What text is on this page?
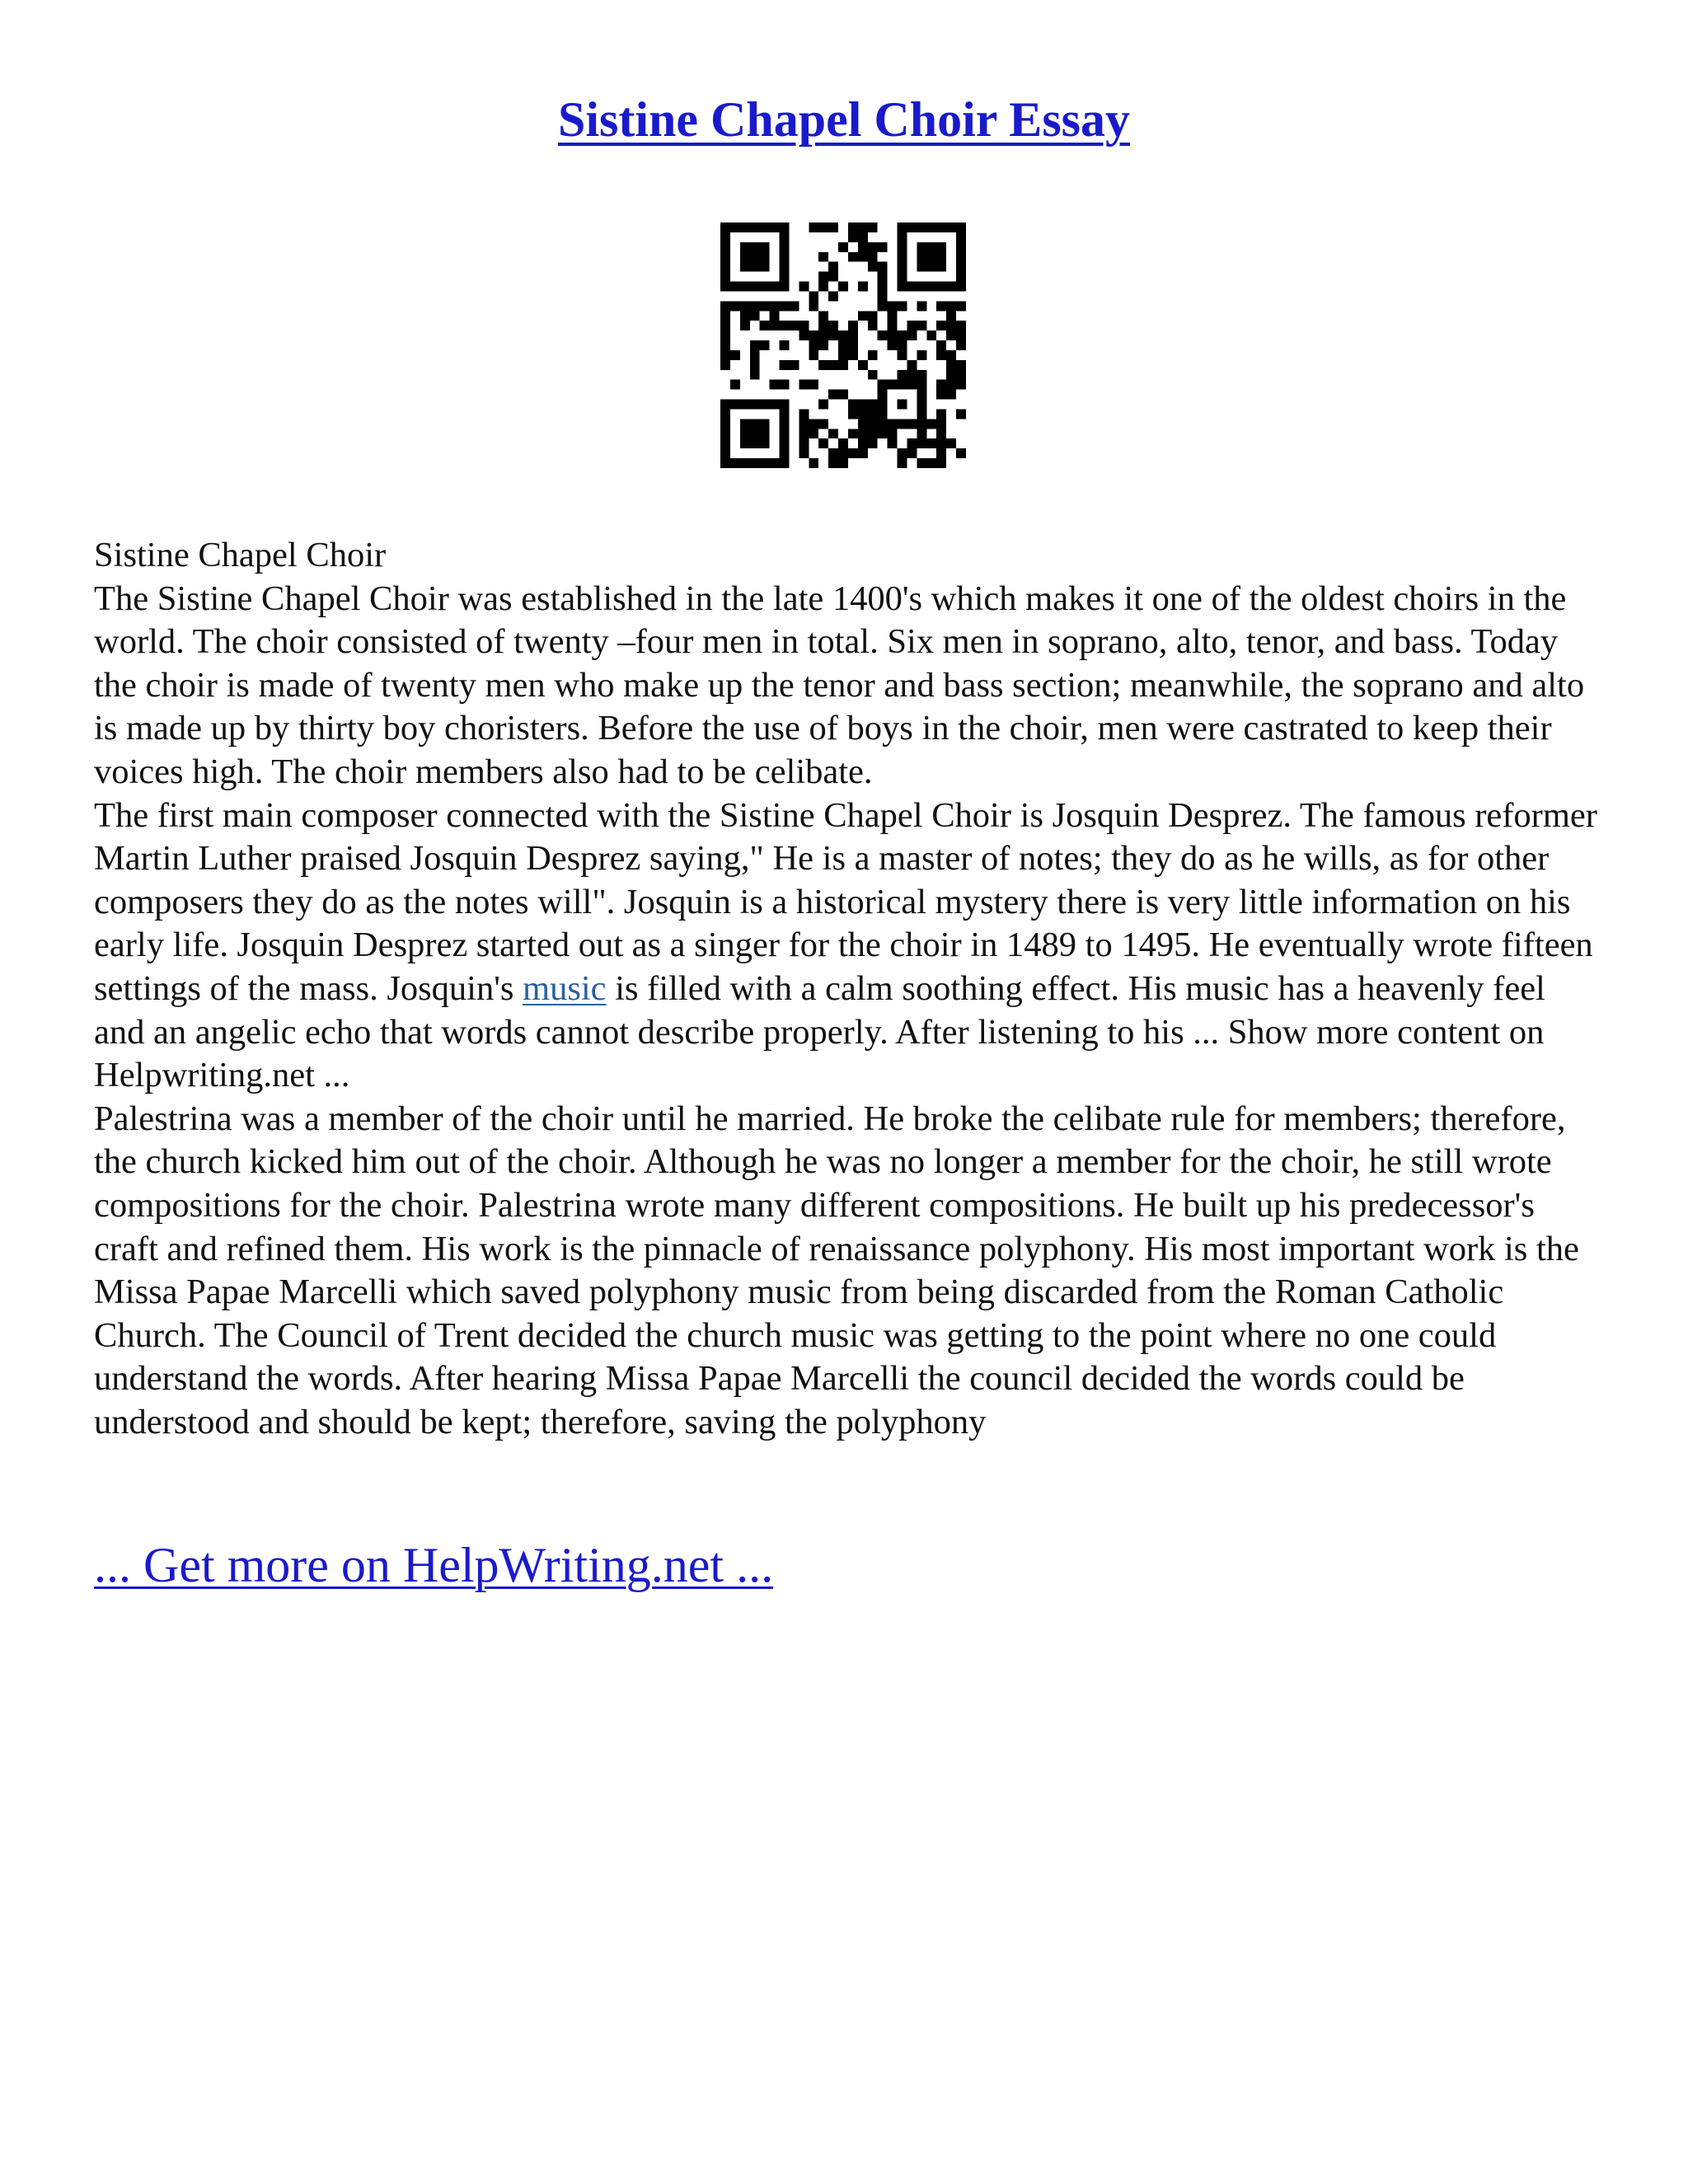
Sistine Chapel Choir Essay

Sistine Chapel Choir

The Sistine Chapel Choir was established in the late 1400's which makes it one of the oldest choirs in the world. The choir consisted of twenty –four men in total. Six men in soprano, alto, tenor, and bass. Today the choir is made of twenty men who make up the tenor and bass section; meanwhile, the soprano and alto is made up by thirty boy choristers. Before the use of boys in the choir, men were castrated to keep their voices high. The choir members also had to be celibate.

The first main composer connected with the Sistine Chapel Choir is Josquin Desprez. The famous reformer Martin Luther praised Josquin Desprez saying," He is a master of notes; they do as he wills, as for other composers they do as the notes will". Josquin is a historical mystery there is very little information on his early life. Josquin Desprez started out as a singer for the choir in 1489 to 1495. He eventually wrote fifteen settings of the mass. Josquin's music is filled with a calm soothing effect. His music has a heavenly feel and an angelic echo that words cannot describe properly. After listening to his ... Show more content on Helpwriting.net ...

Palestrina was a member of the choir until he married. He broke the celibate rule for members; therefore, the church kicked him out of the choir. Although he was no longer a member for the choir, he still wrote compositions for the choir. Palestrina wrote many different compositions. He built up his predecessor's craft and refined them. His work is the pinnacle of renaissance polyphony. His most important work is the Missa Papae Marcelli which saved polyphony music from being discarded from the Roman Catholic Church. The Council of Trent decided the church music was getting to the point where no one could understand the words. After hearing Missa Papae Marcelli the council decided the words could be understood and should be kept; therefore, saving the polyphony

... Get more on HelpWriting.net ...
